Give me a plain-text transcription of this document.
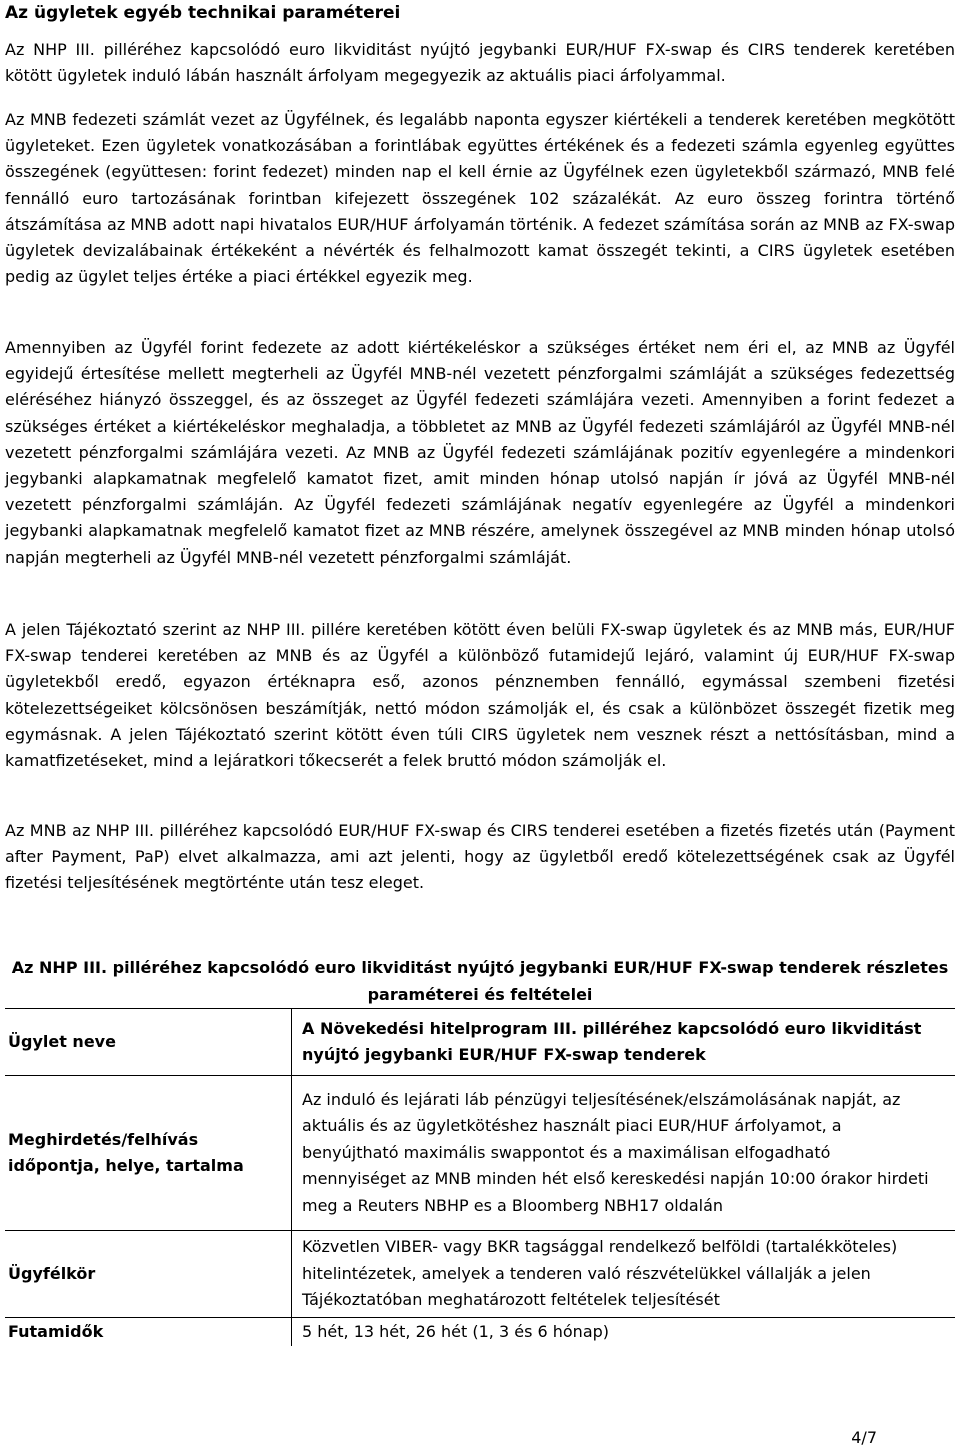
Az ügyletek egyéb technikai paraméterei

Az NHP III. pilléréhez kapcsolódó euro likviditást nyújtó jegybanki EUR/HUF FX-swap és CIRS tenderek keretében kötött ügyletek induló lábán használt árfolyam megegyezik az aktuális piaci árfolyammal.

Az MNB fedezeti számlát vezet az Ügyfélnek, és legalább naponta egyszer kiértékeli a tenderek keretében megkötött ügyleteket. Ezen ügyletek vonatkozásában a forintlábak együttes értékének és a fedezeti számla egyenleg együttes összegének (együttesen: forint fedezet) minden nap el kell érnie az Ügyfélnek ezen ügyletekből származó, MNB felé fennálló euro tartozásának forintban kifejezett összegének 102 százalékát. Az euro összeg forintra történő átszámítása az MNB adott napi hivatalos EUR/HUF árfolyamán történik. A fedezet számítása során az MNB az FX-swap ügyletek devizalábainak értékeként a névérték és felhalmozott kamat összegét tekinti, a CIRS ügyletek esetében pedig az ügylet teljes értéke a piaci értékkel egyezik meg.

Amennyiben az Ügyfél forint fedezete az adott kiértékeléskor a szükséges értéket nem éri el, az MNB az Ügyfél egyidejű értesítése mellett megterheli az Ügyfél MNB-nél vezetett pénzforgalmi számláját a szükséges fedezettség eléréséhez hiányzó összeggel, és az összeget az Ügyfél fedezeti számlájára vezeti. Amennyiben a forint fedezet a szükséges értéket a kiértékeléskor meghaladja, a többletet az MNB az Ügyfél fedezeti számlájáról az Ügyfél MNB-nél vezetett pénzforgalmi számlájára vezeti. Az MNB az Ügyfél fedezeti számlájának pozitív egyenlegére a mindenkori jegybanki alapkamatnak megfelelő kamatot fizet, amit minden hónap utolsó napján ír jóvá az Ügyfél MNB-nél vezetett pénzforgalmi számláján. Az Ügyfél fedezeti számlájának negatív egyenlegére az Ügyfél a mindenkori jegybanki alapkamatnak megfelelő kamatot fizet az MNB részére, amelynek összegével az MNB minden hónap utolsó napján megterheli az Ügyfél MNB-nél vezetett pénzforgalmi számláját.

A jelen Tájékoztató szerint az NHP III. pillére keretében kötött éven belüli FX-swap ügyletek és az MNB más, EUR/HUF FX-swap tenderei keretében az MNB és az Ügyfél a különböző futamidejű lejáró, valamint új EUR/HUF FX-swap ügyletekből eredő, egyazon értéknapra eső, azonos pénznemben fennálló, egymással szembeni fizetési kötelezettségeiket kölcsönösen beszámítják, nettó módon számolják el, és csak a különbözet összegét fizetik meg egymásnak. A jelen Tájékoztató szerint kötött éven túli CIRS ügyletek nem vesznek részt a nettósításban, mind a kamatfizetéseket, mind a lejáratkori tőkecserét a felek bruttó módon számolják el.

Az MNB az NHP III. pilléréhez kapcsolódó EUR/HUF FX-swap és CIRS tenderei esetében a fizetés fizetés után (Payment after Payment, PaP) elvet alkalmazza, ami azt jelenti, hogy az ügyletből eredő kötelezettségének csak az Ügyfél fizetési teljesítésének megtörténte után tesz eleget.

Az NHP III. pilléréhez kapcsolódó euro likviditást nyújtó jegybanki EUR/HUF FX-swap tenderek részletes paraméterei és feltételei

Ügylet neve	A Növekedési hitelprogram III. pilléréhez kapcsolódó euro likviditást nyújtó jegybanki EUR/HUF FX-swap tenderek
Meghirdetés/felhívás időpontja, helye, tartalma	Az induló és lejárati láb pénzügyi teljesítésének/elszámolásának napját, az aktuális és az ügyletkötéshez használt piaci EUR/HUF árfolyamot, a benyújtható maximális swappontot és a maximálisan elfogadható mennyiséget az MNB minden hét első kereskedési napján 10:00 órakor hirdeti meg a Reuters NBHP es a Bloomberg NBH17 oldalán
Ügyfélkör	Közvetlen VIBER- vagy BKR tagsággal rendelkező belföldi (tartalékköteles) hitelintézetek, amelyek a tenderen való részvételükkel vállalják a jelen Tájékoztatóban meghatározott feltételek teljesítését
Futamidők	5 hét, 13 hét, 26 hét (1, 3 és 6 hónap)

4/7
